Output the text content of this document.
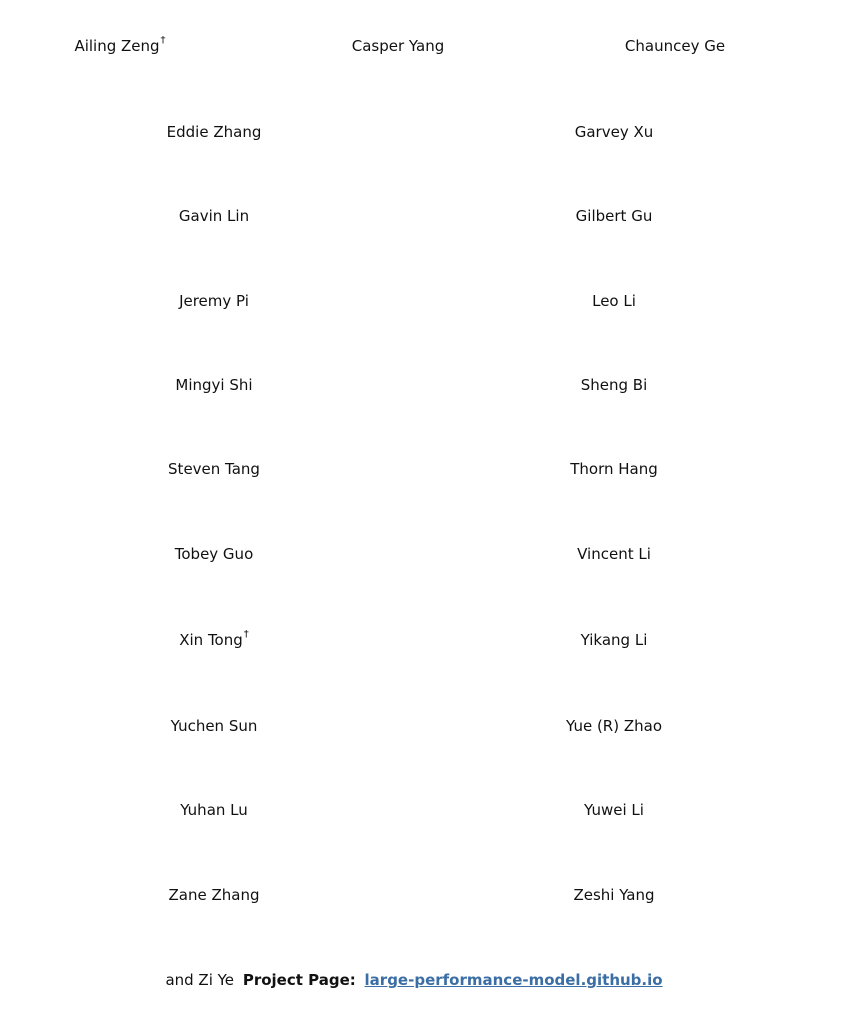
Ailing Zeng†	Casper Yang	Chauncey Ge
Eddie Zhang	Garvey Xu
Gavin Lin	Gilbert Gu
Jeremy Pi	Leo Li
Mingyi Shi	Sheng Bi
Steven Tang	Thorn Hang
Tobey Guo	Vincent Li
Xin Tong†	Yikang Li
Yuchen Sun	Yue (R) Zhao
Yuhan Lu	Yuwei Li
Zane Zhang	Zeshi Yang
and Zi Ye Project Page: large-performance-model.github.io
